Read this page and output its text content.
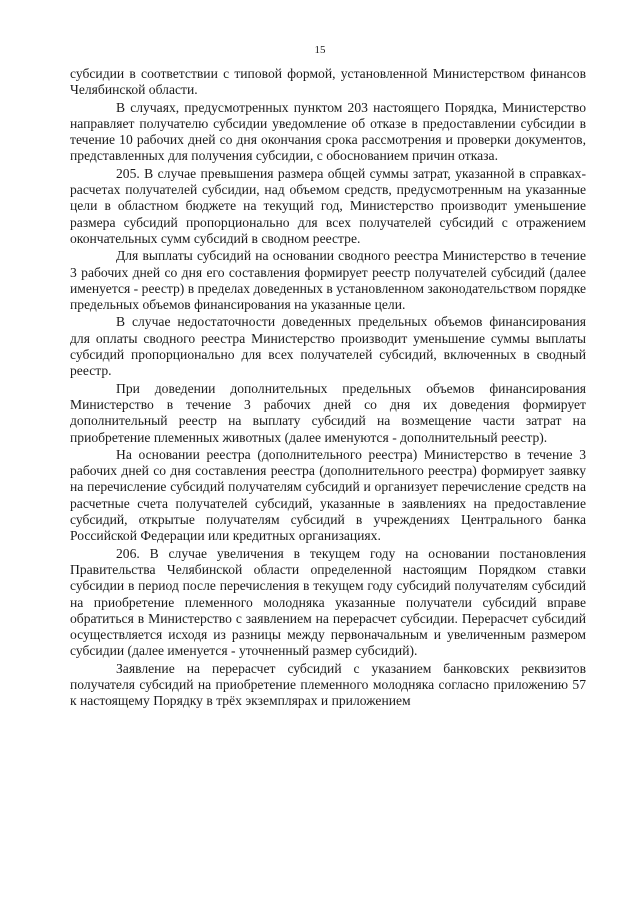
15

субсидии в соответствии с типовой формой, установленной Министерством финансов Челябинской области.

В случаях, предусмотренных пунктом 203 настоящего Порядка, Министерство направляет получателю субсидии уведомление об отказе в предоставлении субсидии в течение 10 рабочих дней со дня окончания срока рассмотрения и проверки документов, представленных для получения субсидии, с обоснованием причин отказа.

205. В случае превышения размера общей суммы затрат, указанной в справках-расчетах получателей субсидии, над объемом средств, предусмотренным на указанные цели в областном бюджете на текущий год, Министерство производит уменьшение размера субсидий пропорционально для всех получателей субсидий с отражением окончательных сумм субсидий в сводном реестре.

Для выплаты субсидий на основании сводного реестра Министерство в течение 3 рабочих дней со дня его составления формирует реестр получателей субсидий (далее именуется - реестр) в пределах доведенных в установленном законодательством порядке предельных объемов финансирования на указанные цели.

В случае недостаточности доведенных предельных объемов финансирования для оплаты сводного реестра Министерство производит уменьшение суммы выплаты субсидий пропорционально для всех получателей субсидий, включенных в сводный реестр.

При доведении дополнительных предельных объемов финансирования Министерство в течение 3 рабочих дней со дня их доведения формирует дополнительный реестр на выплату субсидий на возмещение части затрат на приобретение племенных животных (далее именуются - дополнительный реестр).

На основании реестра (дополнительного реестра) Министерство в течение 3 рабочих дней со дня составления реестра (дополнительного реестра) формирует заявку на перечисление субсидий получателям субсидий и организует перечисление средств на расчетные счета получателей субсидий, указанные в заявлениях на предоставление субсидий, открытые получателям субсидий в учреждениях Центрального банка Российской Федерации или кредитных организациях.

206. В случае увеличения в текущем году на основании постановления Правительства Челябинской области определенной настоящим Порядком ставки субсидии в период после перечисления в текущем году субсидий получателям субсидий на приобретение племенного молодняка указанные получатели субсидий вправе обратиться в Министерство с заявлением на перерасчет субсидии. Перерасчет субсидий осуществляется исходя из разницы между первоначальным и увеличенным размером субсидии (далее именуется - уточненный размер субсидий).

Заявление на перерасчет субсидий с указанием банковских реквизитов получателя субсидий на приобретение племенного молодняка согласно приложению 57 к настоящему Порядку в трёх экземплярах и приложением
